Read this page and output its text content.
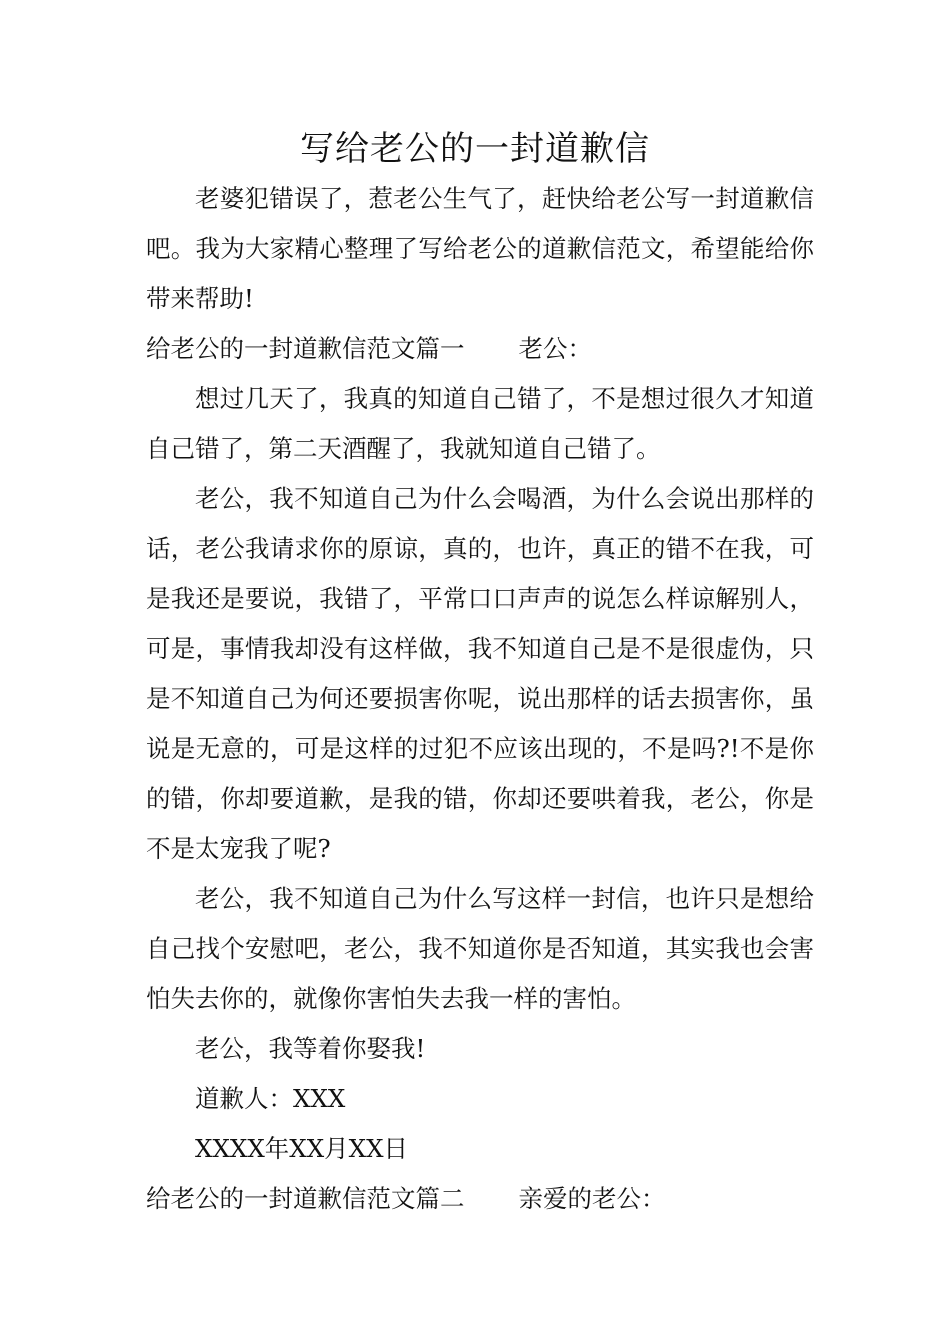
写给老公的一封道歉信

老婆犯错误了，惹老公生气了，赶快给老公写一封道歉信吧。我为大家精心整理了写给老公的道歉信范文，希望能给你带来帮助!

给老公的一封道歉信范文篇一 老公：

想过几天了，我真的知道自己错了，不是想过很久才知道自己错了，第二天酒醒了，我就知道自己错了。

老公，我不知道自己为什么会喝酒，为什么会说出那样的话，老公我请求你的原谅，真的，也许，真正的错不在我，可是我还是要说，我错了，平常口口声声的说怎么样谅解别人，可是，事情我却没有这样做，我不知道自己是不是很虚伪，只是不知道自己为何还要损害你呢，说出那样的话去损害你，虽说是无意的，可是这样的过犯不应该出现的，不是吗?!不是你的错，你却要道歉，是我的错，你却还要哄着我，老公，你是不是太宠我了呢?

老公，我不知道自己为什么写这样一封信，也许只是想给自己找个安慰吧，老公，我不知道你是否知道，其实我也会害怕失去你的，就像你害怕失去我一样的害怕。

老公，我等着你娶我!

道歉人：XXX

XXXX年XX月XX日

给老公的一封道歉信范文篇二 亲爱的老公：
